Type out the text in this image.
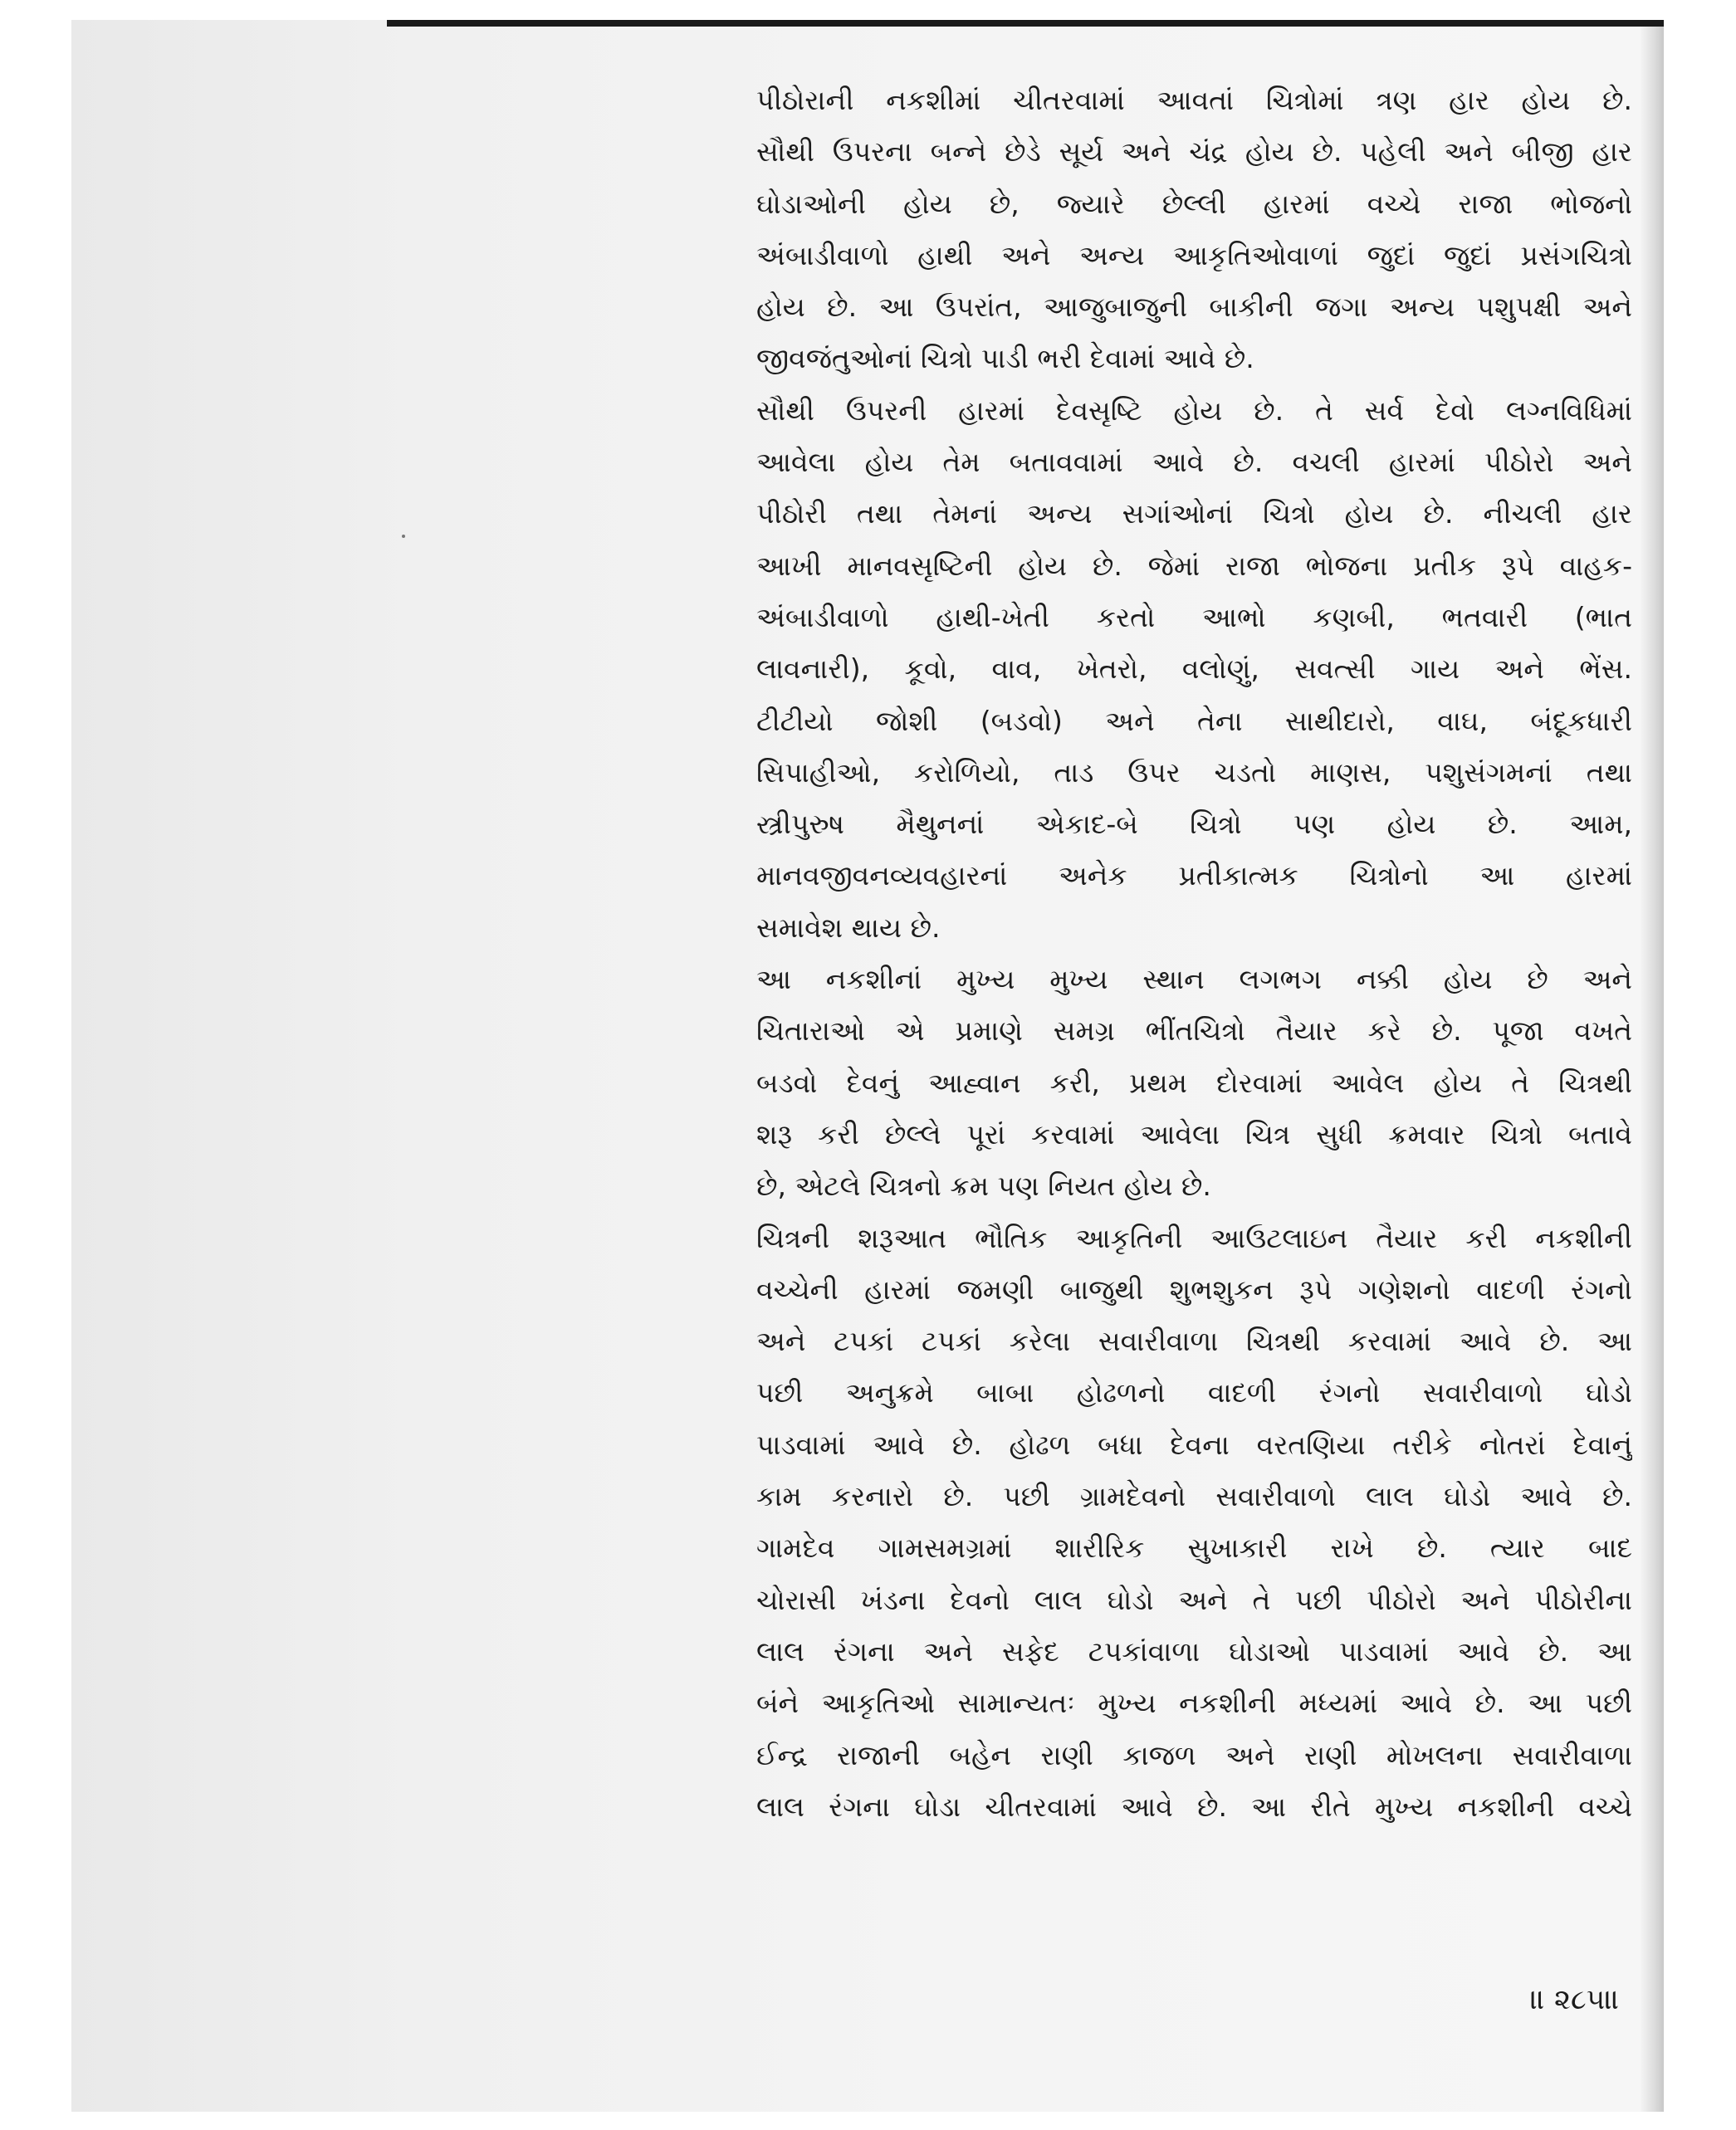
પીઠોરાની નકશીમાં ચીતરવામાં આવતાં ચિત્રોમાં ત્રણ હાર હોય છે.
સૌથી ઉપરના બન્ને છેડે સૂર્ય અને ચંદ્ર હોય છે. પહેલી અને બીજી હાર
ઘોડાઓની હોય છે, જ્યારે છેલ્લી હારમાં વચ્ચે રાજા ભોજનો
અંબાડીવાળો હાથી અને અન્ય આકૃતિઓવાળાં જુદાં જુદાં પ્રસંગચિત્રો
હોય છે. આ ઉપરાંત, આજુબાજુની બાકીની જગા અન્ય પશુપક્ષી અને
જીવજંતુઓનાં ચિત્રો પાડી ભરી દેવામાં આવે છે.
સૌથી ઉપરની હારમાં દેવસૃષ્ટિ હોય છે. તે સર્વ દેવો લગ્નવિધિમાં
આવેલા હોય તેમ બતાવવામાં આવે છે. વચલી હારમાં પીઠોરો અને
પીઠોરી તથા તેમનાં અન્ય સગાંઓનાં ચિત્રો હોય છે. નીચલી હાર
આખી માનવસૃષ્ટિની હોય છે. જેમાં રાજા ભોજના પ્રતીક રૂપે વાહક-
અંબાડીવાળો હાથી-ખેતી કરતો આભો કણબી, ભતવારી (ભાત
લાવનારી), કૂવો, વાવ, ખેતરો, વલોણું, સવત્સી ગાય અને ભેંસ.
ટીટીયો જોશી (બડવો) અને તેના સાથીદારો, વાઘ, બંદૂકધારી
સિપાહીઓ, કરોળિયો, તાડ ઉપર ચડતો માણસ, પશુસંગમનાં તથા
સ્ત્રીપુરુષ મૈથુનનાં એકાદ-બે ચિત્રો પણ હોય છે. આમ,
માનવજીવનવ્યવહારનાં અનેક પ્રતીકાત્મક ચિત્રોનો આ હારમાં
સમાવેશ થાય છે.
આ નકશીનાં મુખ્ય મુખ્ય સ્થાન લગભગ નક્કી હોય છે અને
ચિતારાઓ એ પ્રમાણે સમગ્ર ભીંતચિત્રો તૈયાર કરે છે. પૂજા વખતે
બડવો દેવનું આહ્વાન કરી, પ્રથમ દોરવામાં આવેલ હોય તે ચિત્રથી
શરૂ કરી છેલ્લે પૂરાં કરવામાં આવેલા ચિત્ર સુધી ક્રમવાર ચિત્રો બતાવે
છે, એટલે ચિત્રનો ક્રમ પણ નિયત હોય છે.
ચિત્રની શરૂઆત ભૌતિક આકૃતિની આઉટલાઇન તૈયાર કરી નકશીની
વચ્ચેની હારમાં જમણી બાજુથી શુભશુકન રૂપે ગણેશનો વાદળી રંગનો
અને ટપકાં ટપકાં કરેલા સવારીવાળા ચિત્રથી કરવામાં આવે છે. આ
પછી અનુક્રમે બાબા હોઢળનો વાદળી રંગનો સવારીવાળો ઘોડો
પાડવામાં આવે છે. હોઢળ બધા દેવના વરતણિયા તરીકે નોતરાં દેવાનું
કામ કરનારો છે. પછી ગ્રામદેવનો સવારીવાળો લાલ ઘોડો આવે છે.
ગામદેવ ગામસમગ્રમાં શારીરિક સુખાકારી રાખે છે. ત્યાર બાદ
ચોરાસી ખંડના દેવનો લાલ ઘોડો અને તે પછી પીઠોરો અને પીઠોરીના
લાલ રંગના અને સફેદ ટપકાંવાળા ઘોડાઓ પાડવામાં આવે છે. આ
બંને આકૃતિઓ સામાન્યતઃ મુખ્ય નકશીની મધ્યમાં આવે છે. આ પછી
ઈન્દ્ર રાજાની બહેન રાણી કાજળ અને રાણી મોખલના સવારીવાળા
લાલ રંગના ઘોડા ચીતરવામાં આવે છે. આ રીતે મુખ્ય નકશીની વચ્ચે
॥ ૨૮૫॥
